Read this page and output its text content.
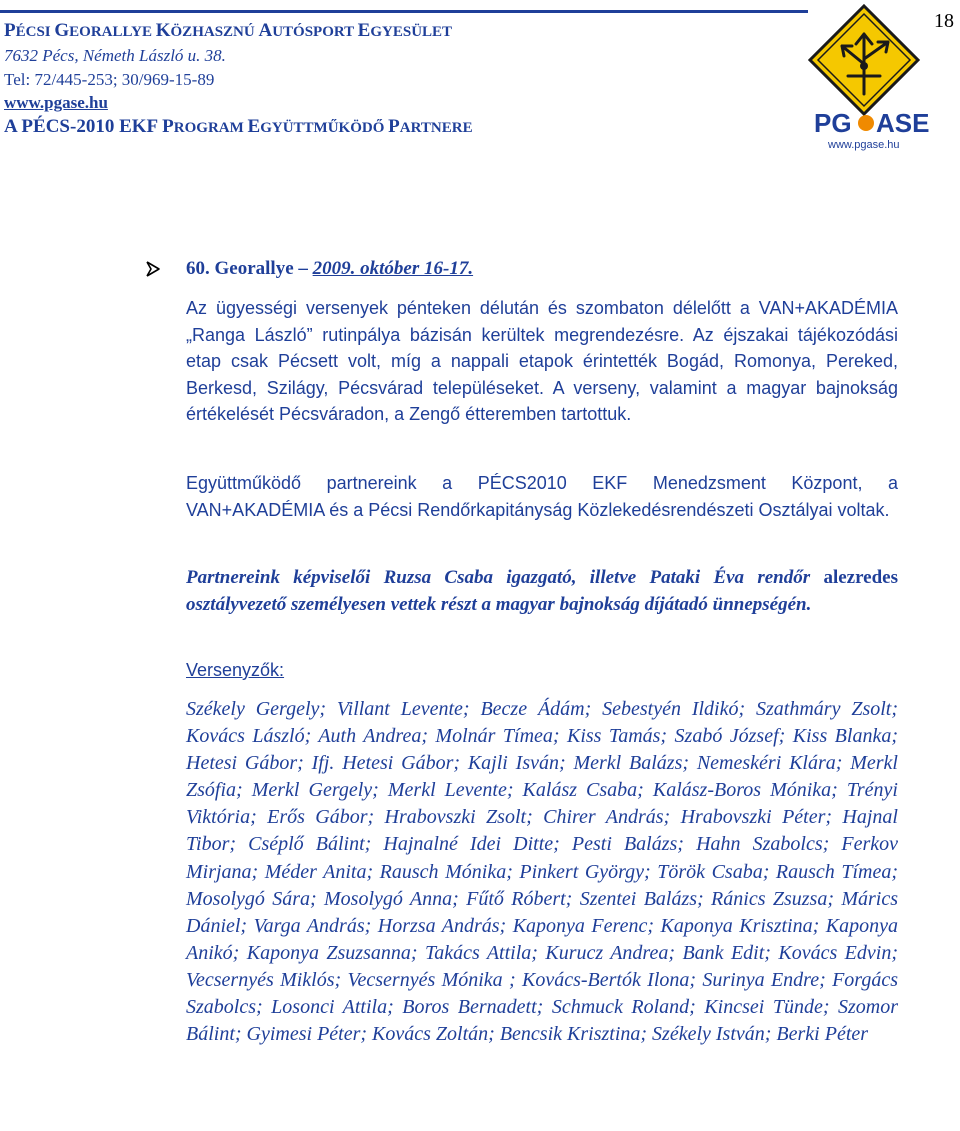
PÉCSI GEORALLYE KÖZHASZNÚ AUTÓSPORT EGYESÜLET
7632 Pécs, Németh László u. 38.
Tel: 72/445-253; 30/969-15-89
www.pgase.hu
A PÉCS-2010 EKF PROGRAM EGYÜTTMŰKÖDŐ PARTNERE
18
PG ASE
www.pgase.hu
60. Georallye – 2009. október 16-17.

Az ügyességi versenyek pénteken délután és szombaton délelőtt a VAN+AKADÉMIA „Ranga László” rutinpálya bázisán kerültek megrendezésre. Az éjszakai tájékozódási etap csak Pécsett volt, míg a nappali etapok érintették Bogád, Romonya, Pereked, Berkesd, Szilágy, Pécsvárad településeket. A verseny, valamint a magyar bajnokság értékelését Pécsváradon, a Zengő étteremben tartottuk.

Együttműködő partnereink a PÉCS2010 EKF Menedzsment Központ, a VAN+AKADÉMIA és a Pécsi Rendőrkapitányság Közlekedésrendészeti Osztályai voltak.

Partnereink képviselői Ruzsa Csaba igazgató, illetve Pataki Éva rendőr alezredes osztályvezető személyesen vettek részt a magyar bajnokság díjátadó ünnepségén.

Versenyzők:

Székely Gergely; Villant Levente; Becze Ádám; Sebestyén Ildikó; Szathmáry Zsolt; Kovács László; Auth Andrea; Molnár Tímea; Kiss Tamás; Szabó József; Kiss Blanka; Hetesi Gábor; Ifj. Hetesi Gábor; Kajli Isván; Merkl Balázs; Nemeskéri Klára; Merkl Zsófia; Merkl Gergely; Merkl Levente; Kalász Csaba; Kalász-Boros Mónika; Trényi Viktória; Erős Gábor; Hrabovszki Zsolt; Chirer András; Hrabovszki Péter; Hajnal Tibor; Cséplő Bálint; Hajnalné Idei Ditte; Pesti Balázs; Hahn Szabolcs; Ferkov Mirjana; Méder Anita; Rausch Mónika; Pinkert György; Török Csaba; Rausch Tímea; Mosolygó Sára; Mosolygó Anna; Fűtő Róbert; Szentei Balázs; Ránics Zsuzsa; Márics Dániel; Varga András; Horzsa András; Kaponya Ferenc; Kaponya Krisztina; Kaponya Anikó; Kaponya Zsuzsanna; Takács Attila; Kurucz Andrea; Bank Edit; Kovács Edvin; Vecsernyés Miklós; Vecsernyés Mónika ; Kovács-Bertók Ilona; Surinya Endre; Forgács Szabolcs; Losonci Attila; Boros Bernadett; Schmuck Roland; Kincsei Tünde; Szomor Bálint; Gyimesi Péter; Kovács Zoltán; Bencsik Krisztina; Székely István; Berki Péter
